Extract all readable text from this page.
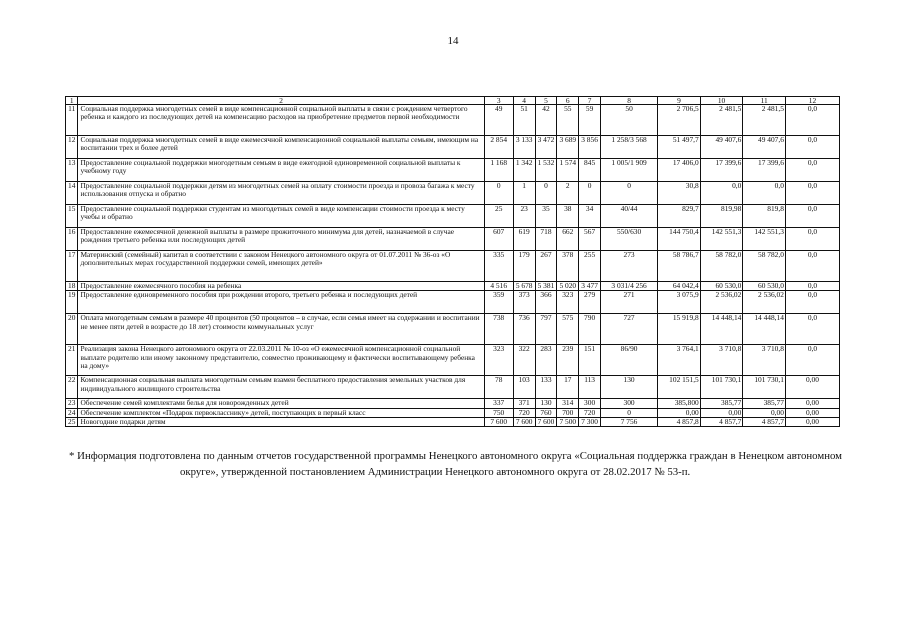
14
1	2	3	4	5	6	7	8	9	10	11	12
11	Социальная поддержка многодетных семей в виде компенсационной социальной выплаты в связи с рождением четвертого ребенка и каждого из последующих детей на компенсацию расходов на приобретение предметов первой необходимости	49	51	42	55	59	50	2 706,5	2 481,5	2 481,5	0,0
12	Социальная поддержка многодетных семей в виде ежемесячной компенсационной социальной выплаты семьям, имеющим на воспитании трех и более детей	2 854	3 133	3 472	3 689	3 856	1 258/3 568	51 497,7	49 407,6	49 407,6	0,0
13	Предоставление социальной поддержки многодетным семьям в виде ежегодной единовременной социальной выплаты к учебному году	1 168	1 342	1 532	1 574	845	1 005/1 909	17 406,0	17 399,6	17 399,6	0,0
14	Предоставление социальной поддержки детям из многодетных семей на оплату стоимости проезда и провоза багажа к месту использования отпуска и обратно	0	1	0	2	0	0	30,8	0,0	0,0	0,0
15	Предоставление социальной поддержки студентам из многодетных семей в виде компенсации стоимости проезда к месту учебы и обратно	25	23	35	38	34	40/44	829,7	819,98	819,8	0,0
16	Предоставление ежемесячной денежной выплаты в размере прожиточного минимума для детей, назначаемой в случае рождения третьего ребенка или последующих детей	607	619	718	662	567	550/630	144 750,4	142 551,3	142 551,3	0,0
17	Материнский (семейный) капитал в соответствии с законом Ненецкого автономного округа от 01.07.2011 № 36-оз «О дополнительных мерах государственной поддержки семей, имеющих детей»	335	179	267	378	255	273	58 786,7	58 782,0	58 782,0	0,0
18	Предоставление ежемесячного пособия на ребенка	4 516	5 678	5 381	5 020	3 477	3 031/4 256	64 042,4	60 530,0	60 530,0	0,0
19	Предоставление единовременного пособия при рождении второго, третьего ребенка и последующих детей	359	373	366	323	279	271	3 075,9	2 536,02	2 536,02	0,0
20	Оплата многодетным семьям в размере 40 процентов (50 процентов – в случае, если семья имеет на содержании и воспитании не менее пяти детей в возрасте до 18 лет) стоимости коммунальных услуг	738	736	797	575	790	727	15 919,8	14 448,14	14 448,14	0,0
21	Реализация закона Ненецкого автономного округа от 22.03.2011 № 10-оз «О ежемесячной компенсационной социальной выплате родителю или иному законному представителю, совместно проживающему и фактически воспитывающему ребенка на дому»	323	322	283	239	151	86/90	3 764,1	3 710,8	3 710,8	0,0
22	Компенсационная социальная выплата многодетным семьям взамен бесплатного предоставления земельных участков для индивидуального жилищного строительства	78	103	133	17	113	130	102 151,5	101 730,1	101 730,1	0,00
23	Обеспечение семей комплектами белья для новорожденных детей	337	371	130	314	300	300	385,800	385,77	385,77	0,00
24	Обеспечение комплектом «Подарок первокласснику» детей, поступающих в первый класс	750	720	760	700	720	0	0,00	0,00	0,00	0,00
25	Новогодние подарки детям	7 600	7 600	7 600	7 500	7 300	7 756	4 857,8	4 857,7	4 857,7	0,00
* Информация подготовлена по данным отчетов государственной программы Ненецкого автономного округа «Социальная поддержка граждан в Ненецком автономном округе», утвержденной постановлением Администрации Ненецкого автономного округа от 28.02.2017 № 53-п.
